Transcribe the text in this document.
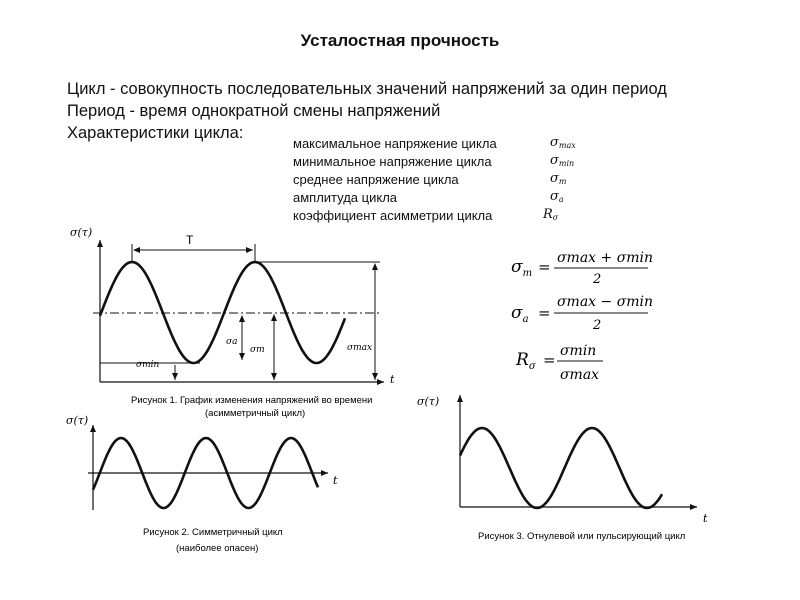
Усталостная прочность
Цикл - совокупность последовательных значений напряжений за один период
Период - время однократной смены напряжений
Характеристики цикла:
максимальное напряжение цикла	$\sigma_{max}$
минимальное напряжение цикла	$\sigma_{min}$
среднее напряжение цикла	$\sigma_m$
амплитуда цикла	$\sigma_a$
коэффициент асимметрии цикла	$R_\sigma$
σ(τ)
t
T
σmin
σa
σm	σmax
Рисунок 1. График изменения напряжений во времени
(асимметричный цикл)
σ(τ)
t
Рисунок 2. Симметричный цикл
(наиболее опасен)
σ(τ)
t
Рисунок 3. Отнулевой или пульсирующий цикл
$\sigma_m = \sigma\max + \sigma\min$
2
$\sigma_a$ =
σmax − σmin
2
$R_\sigma = \sigma\min$
σmax
